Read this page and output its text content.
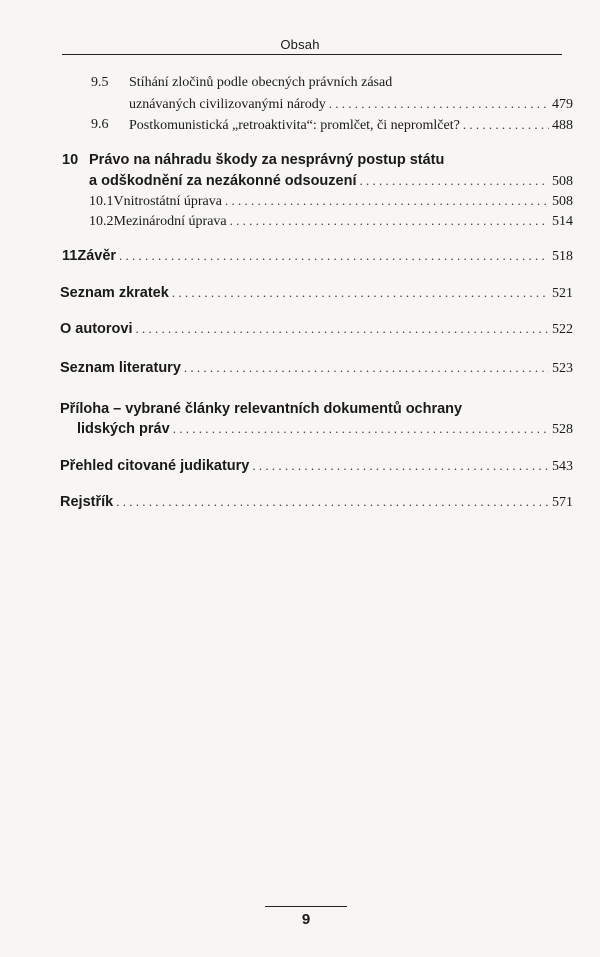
Obsah
9.5 Stíhání zločinů podle obecných právních zásad
uznávaných civilizovanými národy . . .	479
9.6 Postkomunistická „retroaktivita“: promlčet, či nepromlčet? . . .	488
10 Právo na náhradu škody za nesprávný postup státu
a odškodnění za nezákonné odsouzení . . .	508
10.1 Vnitrostátní úprava . . .	508
10.2 Mezinárodní úprava . . .	514
11 Závěr . . .	518
Seznam zkratek . . .	521
O autorovi . . .	522
Seznam literatury . . .	523
Příloha – vybrané články relevantních dokumentů ochrany
lidských práv . . .	528
Přehled citované judikatury . . .	543
Rejstřík . . .	571
9
